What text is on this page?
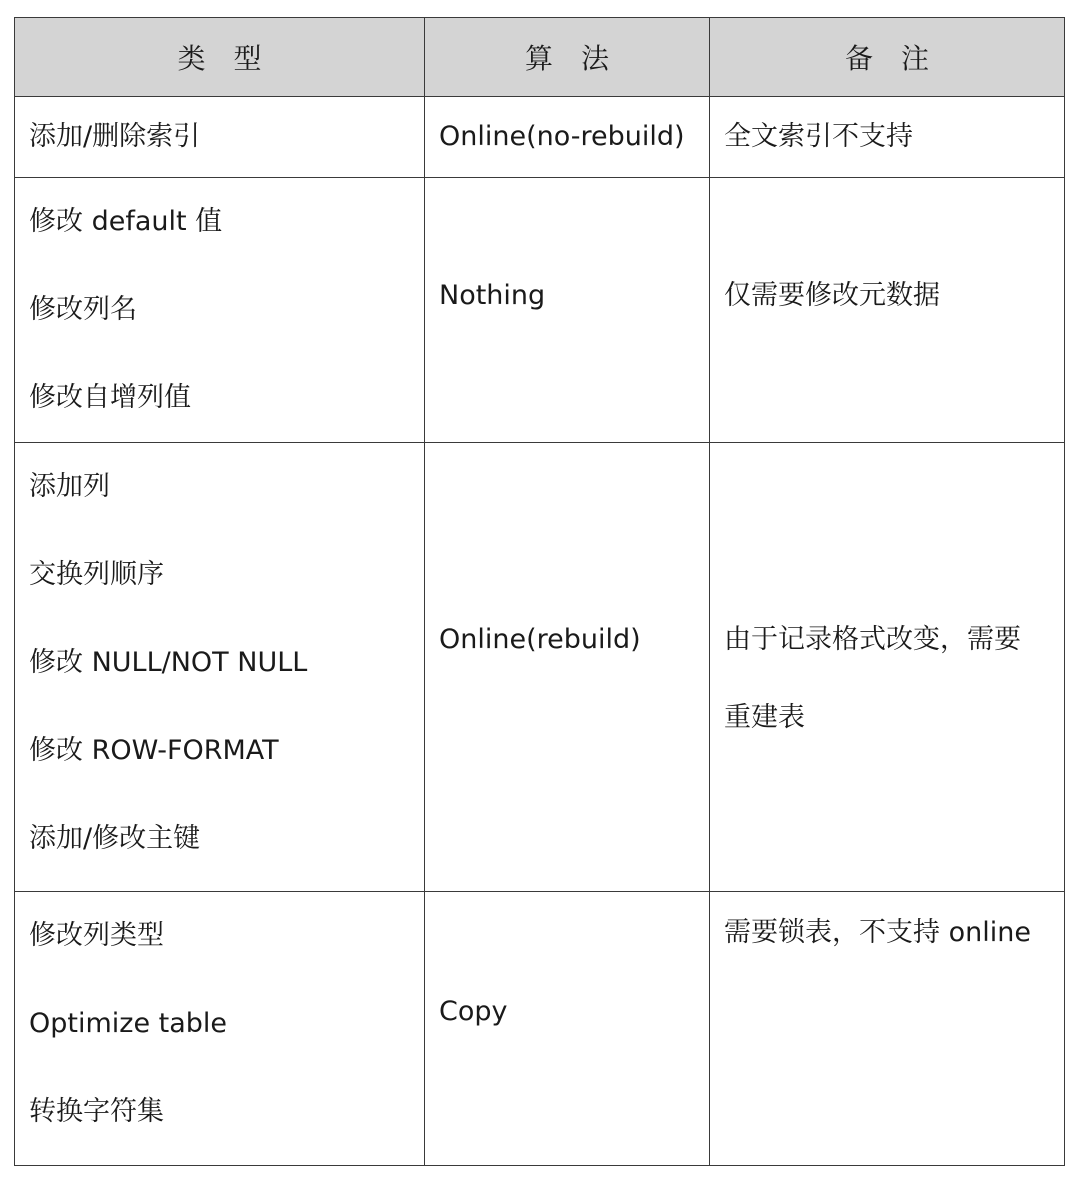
类型	算法	备注

添加/删除索引	Online(no-rebuild)	全文索引不支持

修改 default 值
修改列名
修改自增列值	Nothing	仅需要修改元数据

添加列
交换列顺序
修改 NULL/NOT NULL
修改 ROW-FORMAT
添加/修改主键	Online(rebuild)	由于记录格式改变，需要
重建表

修改列类型
Optimize table
转换字符集	Copy	需要锁表，不支持 online
